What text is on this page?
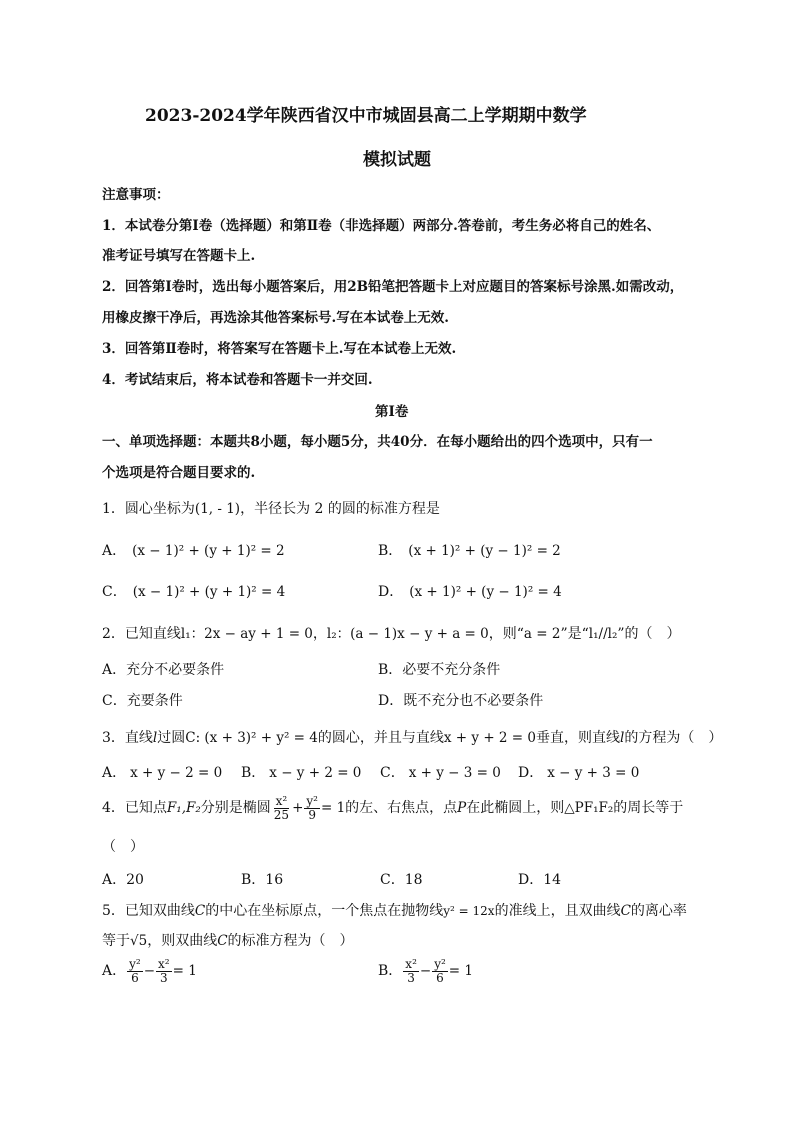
2023-2024学年陕西省汉中市城固县高二上学期期中数学
模拟试题
注意事项：
1．本试卷分第Ⅰ卷（选择题）和第Ⅱ卷（非选择题）两部分.答卷前，考生务必将自己的姓名、
准考证号填写在答题卡上.
2．回答第Ⅰ卷时，选出每小题答案后，用2B铅笔把答题卡上对应题目的答案标号涂黑.如需改动，
用橡皮擦干净后，再选涂其他答案标号.写在本试卷上无效.
3．回答第Ⅱ卷时，将答案写在答题卡上.写在本试卷上无效.
4．考试结束后，将本试卷和答题卡一并交回.
第Ⅰ卷
一、单项选择题：本题共8小题，每小题5分，共40分．在每小题给出的四个选项中，只有一
个选项是符合题目要求的.
1．圆心坐标为(1, - 1)，半径长为 2 的圆的标准方程是
A． (x − 1)² + (y + 1)² = 2	B． (x + 1)² + (y − 1)² = 2
C． (x − 1)² + (y + 1)² = 4	D． (x + 1)² + (y − 1)² = 4
2．已知直线l₁：2x − ay + 1 = 0，l₂：(a − 1)x − y + a = 0，则“a = 2”是“l₁//l₂”的（　）
A．充分不必要条件	B．必要不充分条件
C．充要条件	D．既不充分也不必要条件
3．直线l过圆C: (x + 3)² + y² = 4的圆心，并且与直线x + y + 2 = 0垂直，则直线l的方程为（　）
A． x + y − 2 = 0 B． x − y + 2 = 0 C． x + y − 3 = 0 D． x − y + 3 = 0
4．已知点F₁,F₂分别是椭圆 $\frac{\text{x²}}{25} + \frac{\text{y²}}{9} = 1$的左、右焦点，点P在此椭圆上，则△PF₁F₂的周长等于
（　）
A．20	B．16	C．18	D．14
5．已知双曲线C的中心在坐标原点，一个焦点在抛物线y² = 12x的准线上，且双曲线C的离心率
等于√5，则双曲线C的标准方程为（　）
A． $\frac{\text{y²}}{6} - \frac{\text{x²}}{3} = 1$	B． $\frac{\text{x²}}{3} - \frac{\text{y²}}{6} = 1$
